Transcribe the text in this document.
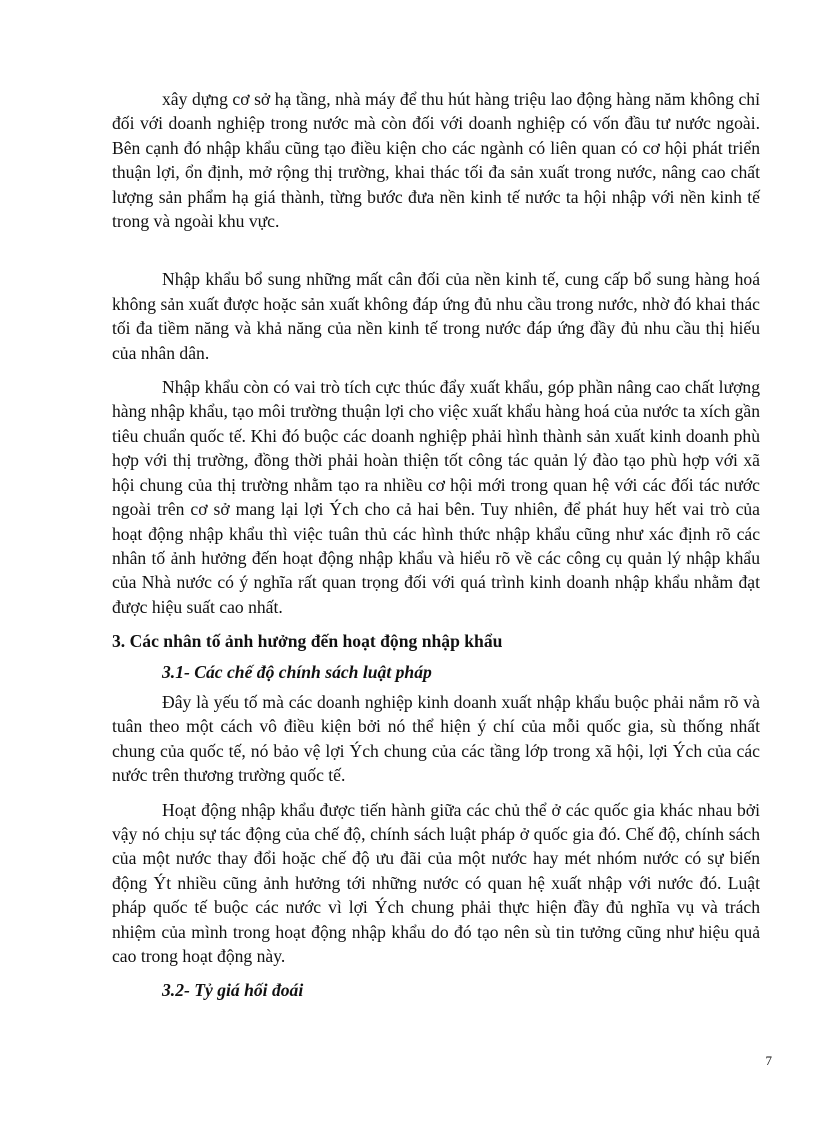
xây dựng cơ sở hạ tầng, nhà máy để thu hút hàng triệu lao động hàng năm không chỉ đối với doanh nghiệp trong nước mà còn đối với doanh nghiệp có vốn đầu tư nước ngoài. Bên cạnh đó nhập khẩu cũng tạo điều kiện cho các ngành có liên quan có cơ hội phát triển thuận lợi, ổn định, mở rộng thị trường, khai thác tối đa sản xuất trong nước, nâng cao chất lượng sản phẩm hạ giá thành, từng bước đưa nền kinh tế nước ta hội nhập với nền kinh tế trong và ngoài khu vực.

Nhập khẩu bổ sung những mất cân đối của nền kinh tế, cung cấp bổ sung hàng hoá không sản xuất được hoặc sản xuất không đáp ứng đủ nhu cầu trong nước, nhờ đó khai thác tối đa tiềm năng và khả năng của nền kinh tế trong nước đáp ứng đầy đủ nhu cầu thị hiếu của nhân dân.

Nhập khẩu còn có vai trò tích cực thúc đẩy xuất khẩu, góp phần nâng cao chất lượng hàng nhập khẩu, tạo môi trường thuận lợi cho việc xuất khẩu hàng hoá của nước ta xích gần tiêu chuẩn quốc tế. Khi đó buộc các doanh nghiệp phải hình thành sản xuất kinh doanh phù hợp với thị trường, đồng thời phải hoàn thiện tốt công tác quản lý đào tạo phù hợp với xã hội chung của thị trường nhằm tạo ra nhiều cơ hội mới trong quan hệ với các đối tác nước ngoài trên cơ sở mang lại lợi Ých cho cả hai bên. Tuy nhiên, để phát huy hết vai trò của hoạt động nhập khẩu thì việc tuân thủ các hình thức nhập khẩu cũng như xác định rõ các nhân tố ảnh hưởng đến hoạt động nhập khẩu và hiểu rõ về các công cụ quản lý nhập khẩu của Nhà nước có ý nghĩa rất quan trọng đối với quá trình kinh doanh nhập khẩu nhằm đạt được hiệu suất cao nhất.

3. Các nhân tố ảnh hưởng đến hoạt động nhập khẩu
3.1- Các chế độ chính sách luật pháp

Đây là yếu tố mà các doanh nghiệp kinh doanh xuất nhập khẩu buộc phải nắm rõ và tuân theo một cách vô điều kiện bởi nó thể hiện ý chí của mỗi quốc gia, sù thống nhất chung của quốc tế, nó bảo vệ lợi Ých chung của các tầng lớp trong xã hội, lợi Ých của các nước trên thương trường quốc tế.

Hoạt động nhập khẩu được tiến hành giữa các chủ thể ở các quốc gia khác nhau bởi vậy nó chịu sự tác động của chế độ, chính sách luật pháp ở quốc gia đó. Chế độ, chính sách của một nước thay đổi hoặc chế độ ưu đãi của một nước hay mét nhóm nước có sự biến động Ýt nhiều cũng ảnh hưởng tới những nước có quan hệ xuất nhập với nước đó. Luật pháp quốc tế buộc các nước vì lợi Ých chung phải thực hiện đầy đủ nghĩa vụ và trách nhiệm của mình trong hoạt động nhập khẩu do đó tạo nên sù tin tưởng cũng như hiệu quả cao trong hoạt động này.

3.2- Tỷ giá hối đoái
7
